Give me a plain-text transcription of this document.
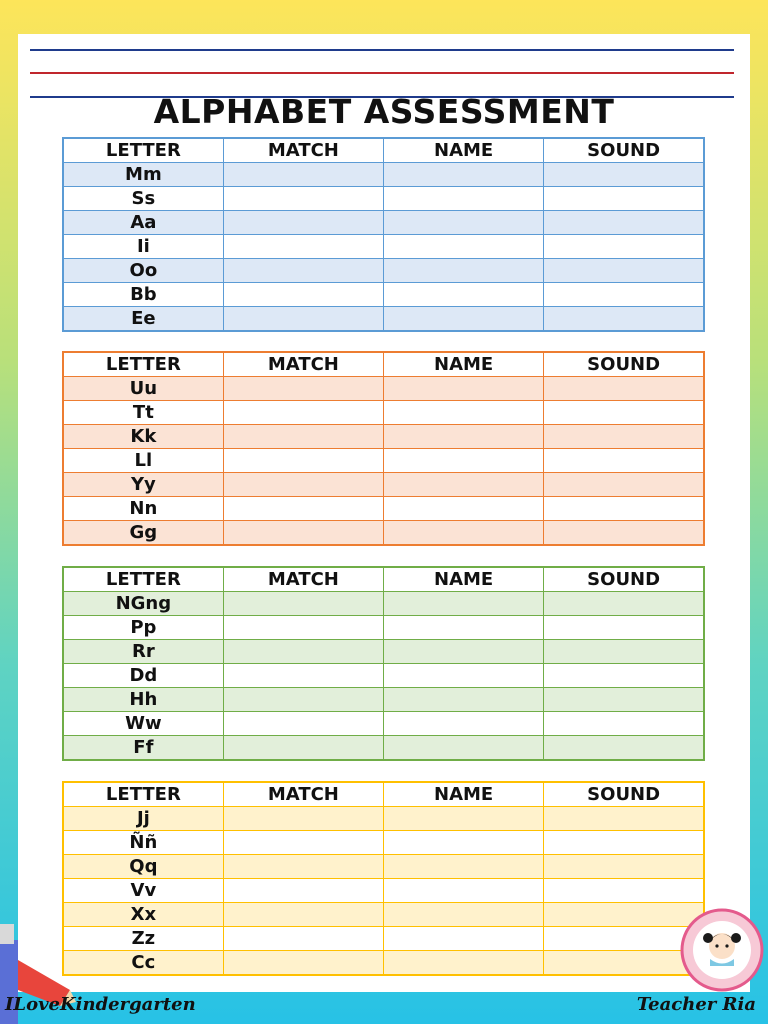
ALPHABET ASSESSMENT
LETTER	MATCH	NAME	SOUND
Mm			
Ss			
Aa			
Ii			
Oo			
Bb			
Ee			
LETTER	MATCH	NAME	SOUND
Uu			
Tt			
Kk			
Ll			
Yy			
Nn			
Gg			
LETTER	MATCH	NAME	SOUND
NGng			
Pp			
Rr			
Dd			
Hh			
Ww			
Ff			
LETTER	MATCH	NAME	SOUND
Jj			
Ññ			
Qq			
Vv			
Xx			
Zz			
Cc			
ILoveKindergarten	Teacher Ria
